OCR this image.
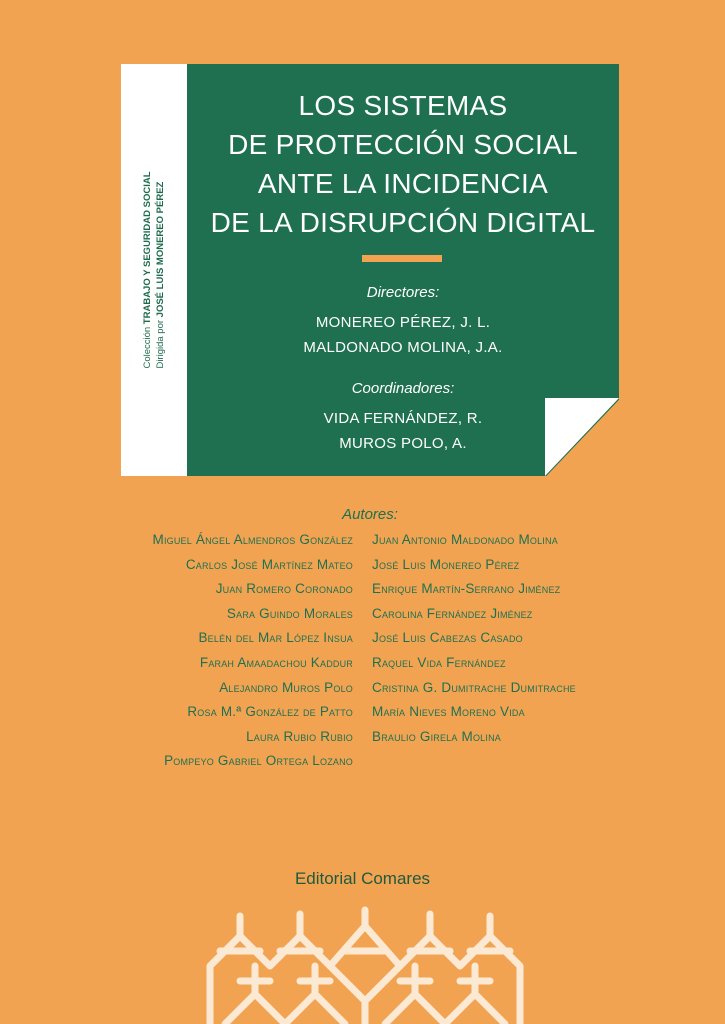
Colección TRABAJO Y SEGURIDAD SOCIAL
Dirigida por JOSÉ LUIS MONEREO PÉREZ
LOS SISTEMAS
DE PROTECCIÓN SOCIAL
ANTE LA INCIDENCIA
DE LA DISRUPCIÓN DIGITAL
Directores:
MONEREO PÉREZ, J. L.
MALDONADO MOLINA, J.A.
Coordinadores:
VIDA FERNÁNDEZ, R.
MUROS POLO, A.
Autores:
Miguel Ángel Almendros González
Carlos José Martínez Mateo
Juan Romero Coronado
Sara Guindo Morales
Belén del Mar López Insua
Farah Amaadachou Kaddur
Alejandro Muros Polo
Rosa M.ª González de Patto
Laura Rubio Rubio
Pompeyo Gabriel Ortega Lozano
Juan Antonio Maldonado Molina
José Luis Monereo Pérez
Enrique Martín-Serrano Jiménez
Carolina Fernández Jiménez
José Luis Cabezas Casado
Raquel Vida Fernández
Cristina G. Dumitrache Dumitrache
María Nieves Moreno Vida
Braulio Girela Molina
Editorial Comares
